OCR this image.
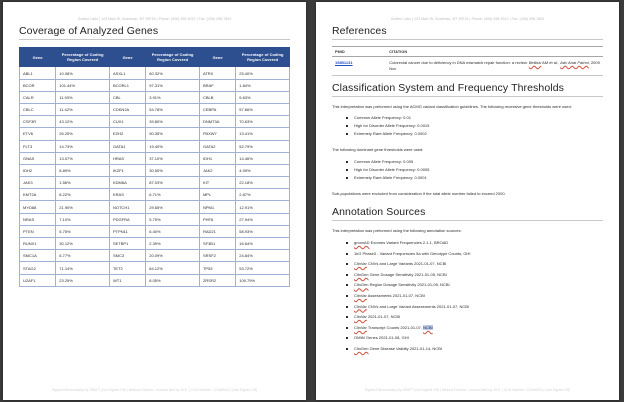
Golden Labs | 123 Main St, Bozeman, MT 59715 | Phone: (406) 498-9012 | Fax: (406) 498-7654
Coverage of Analyzed Genes
Gene	Percentage of Coding Region Covered	Gene	Percentage of Coding Region Covered	Gene	Percentage of Coding Region Covered
ABL1	10.08%	ASXL1	60.32%	ATRX	25.40%
BCOR	101.44%	BCORL1	97.31%	BRAF	1.84%
CALR	11.93%	CBL	3.91%	CBLB	5.63%
CBLC	11.42%	CDKN2A	54.78%	CEBPA	57.66%
CSF3R	43.12%	CUX1	39.80%	DNMT3A	70.63%
ETV6	26.25%	EZH2	90.35%	FBXW7	13.41%
FLT3	14.73%	GATA1	19.40%	GATA2	52.79%
GNAS	13.07%	HRAS	37.10%	IDH1	14.46%
IDH2	8.89%	IKZF1	30.50%	JAK2	4.09%
JAK3	1.56%	KDM6A	87.03%	KIT	22.18%
KMT2A	8.22%	KRAS	6.71%	MPL	2.87%
MYD88	21.90%	NOTCH1	29.65%	NPM1	12.91%
NRAS	7.10%	PDGFRA	5.75%	PHF6	27.94%
PTEN	5.75%	PTPN11	6.40%	RAD21	58.93%
RUNX1	30.12%	SETBP1	2.39%	SF3B1	16.64%
SMC1A	6.77%	SMC3	20.09%	SRSF2	24.84%
STAG2	71.14%	TET2	84.12%	TP53	53.72%
U2AF1	23.29%	WT1	8.05%	ZRSR2	109.79%
Signed Electronically by DRAFT (Not Signed Off) | Medical Director: Leonard McCoy, M.D. | CLIA Number: 12344BCD | (Not Signed Off)
Golden Labs | 123 Main St, Bozeman, MT 59715 | Phone: (406) 498-9012 | Fax: (406) 498-7654
References
PMID	CITATION
19851131	Colorectal cancer due to deficiency in DNA mismatch repair function: a review. Bellizzi AM et al., Adv Anat Pathol, 2009 Nov
Classification System and Frequency Thresholds

This interpretation was preformed using the ACMG variant classification guidelines. The following recessive gene thresholds were used:

Common Allele Frequency: 0.01
High for Disorder Allele Frequency: 0.0015
Extremely Rare Allele Frequency: 0.0002

The following dominant gene thresholds were used:

Common Allele Frequency: 0.005
High for Disorder Allele Frequency: 0.0005
Extremely Rare Allele Frequency: 0.0001

Sub-populations were excluded from consideration if the total allele number failed to exceed 2000.

Annotation Sources

This interpretation was preformed using the following annotation sources:

gnomAD Exomes Variant Frequencies 2.1.1, BROAD
1kG Phase3 - Variant Frequencies 5a with Genotype Counts, GHI
ClinVar CNVs and Large Variants 2021-01-07, NCBI
ClinGen Gene Dosage Sensitivity 2021-01-05, NCBI
ClinGen Region Dosage Sensitivity 2021-01-05, NCBI
ClinVar Assessments 2021-01-07, NCBI
ClinVar CNVs and Large Variant Assessments 2021-01-07, NCBI
ClinVar 2021-01-07, NCBI
ClinVar Transcript Counts 2021-01-07, NCBI
OMIM Genes 2021-01-08, GHI
ClinGen Gene Disease Validity 2021-01-14, NCBI
Signed Electronically by DRAFT (Not Signed Off) | Medical Director: Leonard McCoy, M.D. | CLIA Number: 12344BCD | (Not Signed Off)
